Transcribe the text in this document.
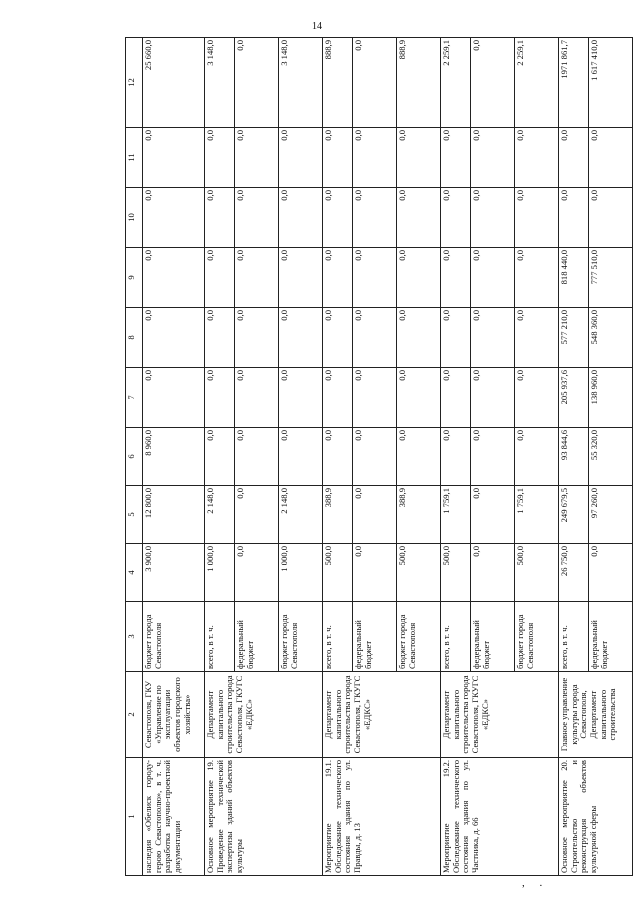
14
1	2	3	4	5	6	7	8	9	10	11	12
наследия «Обелиск городу-герою Севастополю», в т. ч. разработка научно-проектной документации	Севастополя, ГКУ «Управление по эксплуатации объектов городского хозяйства»	бюджет города Севастополя	3 900,0	12 800,0	8 960,0	0,0	0,0	0,0	0,0	0,0	25 660,0
Основное мероприятие 19. Проведение технической экспертизы зданий объектов культуры	Департамент капитального строительства города Севастополя, ГКУГС «ЕДКС»	всего, в т. ч.	1 000,0	2 148,0	0,0	0,0	0,0	0,0	0,0	0,0	3 148,0
		федеральный бюджет	0,0	0,0	0,0	0,0	0,0	0,0	0,0	0,0	0,0
		бюджет города Севастополя	1 000,0	2 148,0	0,0	0,0	0,0	0,0	0,0	0,0	3 148,0
Мероприятие 19.1. Обследование технического состояния здания по ул. Правды, д. 13	Департамент капитального строительства города Севастополя, ГКУГС «ЕДКС»	всего, в т. ч.	500,0	388,9	0,0	0,0	0,0	0,0	0,0	0,0	888,9
		федеральный бюджет	0,0	0,0	0,0	0,0	0,0	0,0	0,0	0,0	0,0
		бюджет города Севастополя	500,0	388,9	0,0	0,0	0,0	0,0	0,0	0,0	888,9
Мероприятие 19.2. Обследование технического состояния здания по ул. Частника, д. 66	Департамент капитального строительства города Севастополя, ГКУГС «ЕДКС»	всего, в т. ч.	500,0	1 759,1	0,0	0,0	0,0	0,0	0,0	0,0	2 259,1
		федеральный бюджет	0,0	0,0	0,0	0,0	0,0	0,0	0,0	0,0	0,0
		бюджет города Севастополя	500,0	1 759,1	0,0	0,0	0,0	0,0	0,0	0,0	2 259,1
Основное мероприятие 20. Строительство и реконструкция объектов культурной сферы	Главное управление культуры города Севастополя, Департамент капитального строительства	всего, в т. ч.	26 750,0	249 679,5	93 844,6	205 937,6	577 210,0	818 440,0	0,0	0,0	1971 861,7
		федеральный бюджет	0,0	97 260,0	55 320,0	138 960,0	548 360,0	777 510,0	0,0	0,0	1 617 410,0
, .
